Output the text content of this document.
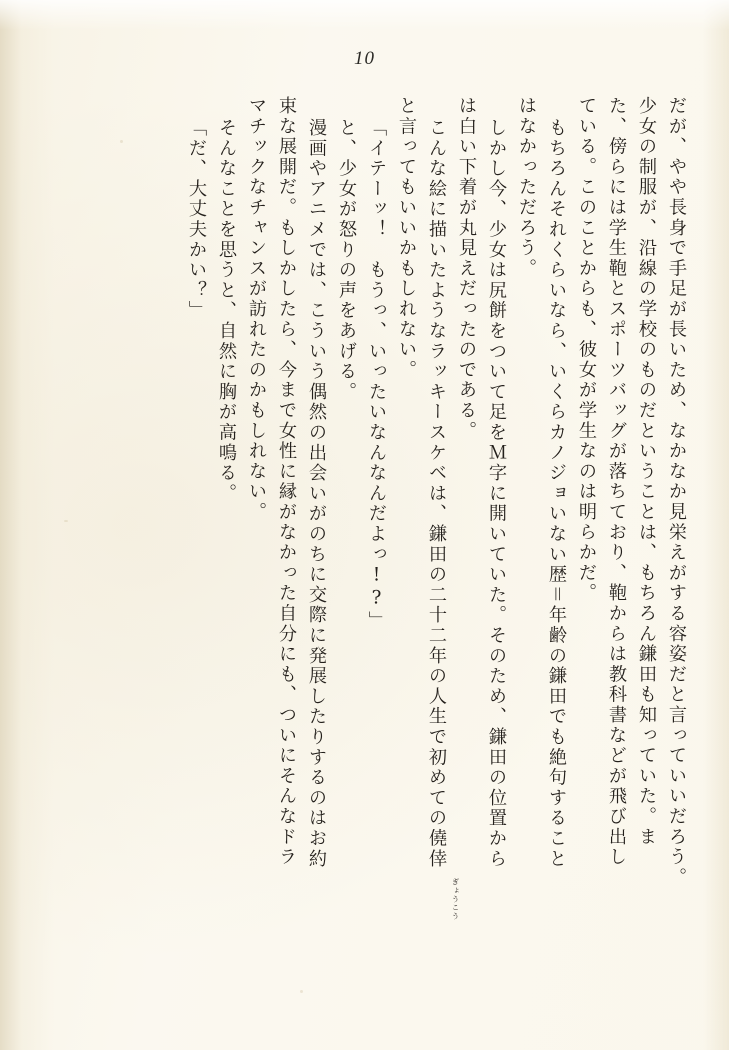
10
だが、やや長身で手足が長いため、なかなか見栄えがする容姿だと言っていいだろう。
少女の制服が、沿線の学校のものだということは、もちろん鎌田も知っていた。ま
た、傍らには学生鞄とスポーツバッグが落ちており、鞄からは教科書などが飛び出し
ている。このことからも、彼女が学生なのは明らかだ。
もちろんそれくらいなら、いくらカノジョいない歴＝年齢の鎌田でも絶句すること
はなかっただろう。
しかし今、少女は尻餅をついて足をＭ字に開いていた。そのため、鎌田の位置から
は白い下着が丸見えだったのである。
こんな絵に描いたようなラッキースケベは、鎌田の二十二年の人生で初めての僥倖
と言ってもいいかもしれない。
「イテーッ！　もうっ、いったいなんなんだよっ!?」
と、少女が怒りの声をあげる。
漫画やアニメでは、こういう偶然の出会いがのちに交際に発展したりするのはお約
束な展開だ。もしかしたら、今まで女性に縁がなかった自分にも、ついにそんなドラ
マチックなチャンスが訪れたのかもしれない。
そんなことを思うと、自然に胸が高鳴る。
「だ、大丈夫かい？」
ぎょうこう
